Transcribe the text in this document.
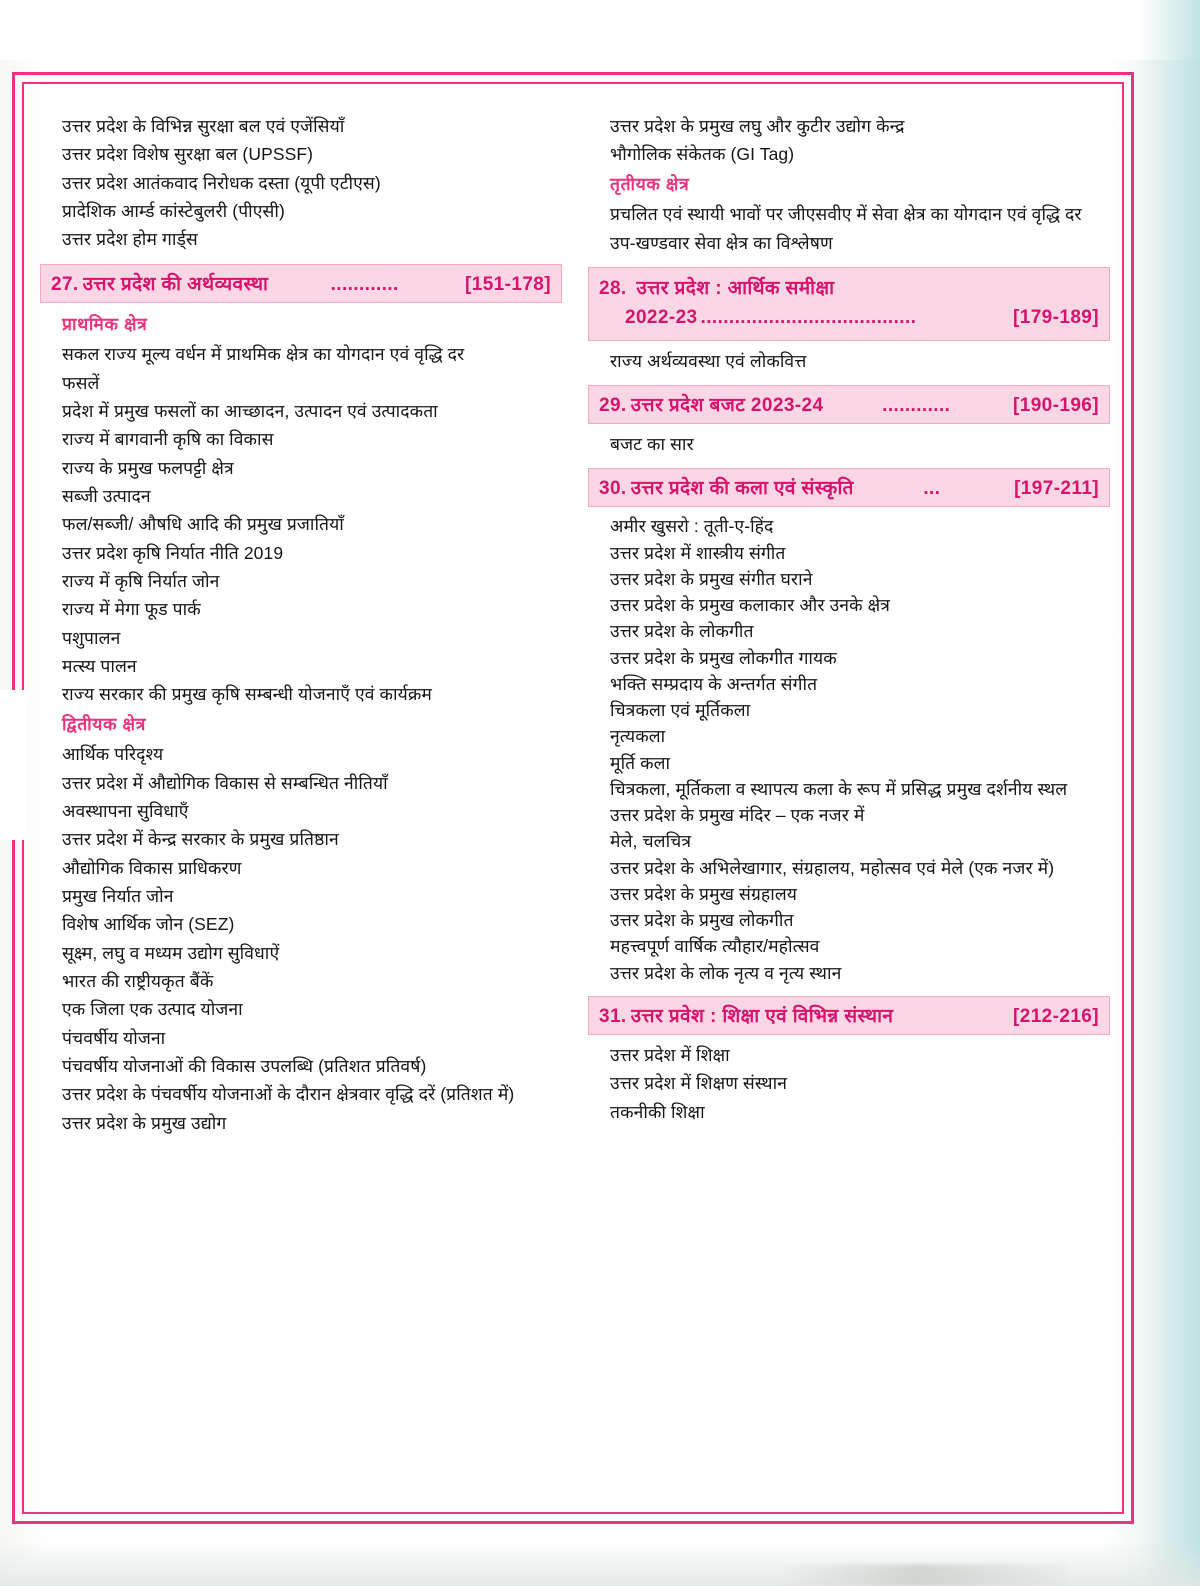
उत्तर प्रदेश के विभिन्न सुरक्षा बल एवं एजेंसियाँ
उत्तर प्रदेश विशेष सुरक्षा बल (UPSSF)
उत्तर प्रदेश आतंकवाद निरोधक दस्ता (यूपी एटीएस)
प्रादेशिक आर्म्ड कांस्टेबुलरी (पीएसी)
उत्तर प्रदेश होम गार्ड्स
27. उत्तर प्रदेश की अर्थव्यवस्था	............	[151-178]
प्राथमिक क्षेत्र
सकल राज्य मूल्य वर्धन में प्राथमिक क्षेत्र का योगदान एवं वृद्धि दर
फसलें
प्रदेश में प्रमुख फसलों का आच्छादन, उत्पादन एवं उत्पादकता
राज्य में बागवानी कृषि का विकास
राज्य के प्रमुख फलपट्टी क्षेत्र
सब्जी उत्पादन
फल/सब्जी/ औषधि आदि की प्रमुख प्रजातियाँ
उत्तर प्रदेश कृषि निर्यात नीति 2019
राज्य में कृषि निर्यात जोन
राज्य में मेगा फूड पार्क
पशुपालन
मत्स्य पालन
राज्य सरकार की प्रमुख कृषि सम्बन्धी योजनाएँ एवं कार्यक्रम
द्वितीयक क्षेत्र
आर्थिक परिदृश्य
उत्तर प्रदेश में औद्योगिक विकास से सम्बन्धित नीतियाँ
अवस्थापना सुविधाएँ
उत्तर प्रदेश में केन्द्र सरकार के प्रमुख प्रतिष्ठान
औद्योगिक विकास प्राधिकरण
प्रमुख निर्यात जोन
विशेष आर्थिक जोन (SEZ)
सूक्ष्म, लघु व मध्यम उद्योग सुविधाऐं
भारत की राष्ट्रीयकृत बैंकें
एक जिला एक उत्पाद योजना
पंचवर्षीय योजना
पंचवर्षीय योजनाओं की विकास उपलब्धि (प्रतिशत प्रतिवर्ष)
उत्तर प्रदेश के पंचवर्षीय योजनाओं के दौरान क्षेत्रवार वृद्धि दरें (प्रतिशत में)
उत्तर प्रदेश के प्रमुख उद्योग
उत्तर प्रदेश के प्रमुख लघु और कुटीर उद्योग केन्द्र
भौगोलिक संकेतक (GI Tag)
तृतीयक क्षेत्र
प्रचलित एवं स्थायी भावों पर जीएसवीए में सेवा क्षेत्र का योगदान एवं वृद्धि दर
उप-खण्डवार सेवा क्षेत्र का विश्लेषण
28. उत्तर प्रदेश : आर्थिक समीक्षा
2022-23 ......................................	[179-189]
राज्य अर्थव्यवस्था एवं लोकवित्त
29. उत्तर प्रदेश बजट 2023-24	............	[190-196]
बजट का सार
30. उत्तर प्रदेश की कला एवं संस्कृति	...	[197-211]
अमीर खुसरो : तूती-ए-हिंद
उत्तर प्रदेश में शास्त्रीय संगीत
उत्तर प्रदेश के प्रमुख संगीत घराने
उत्तर प्रदेश के प्रमुख कलाकार और उनके क्षेत्र
उत्तर प्रदेश के लोकगीत
उत्तर प्रदेश के प्रमुख लोकगीत गायक
भक्ति सम्प्रदाय के अन्तर्गत संगीत
चित्रकला एवं मूर्तिकला
नृत्यकला
मूर्ति कला
चित्रकला, मूर्तिकला व स्थापत्य कला के रूप में प्रसिद्ध प्रमुख दर्शनीय स्थल
उत्तर प्रदेश के प्रमुख मंदिर – एक नजर में
मेले, चलचित्र
उत्तर प्रदेश के अभिलेखागार, संग्रहालय, महोत्सव एवं मेले (एक नजर में)
उत्तर प्रदेश के प्रमुख संग्रहालय
उत्तर प्रदेश के प्रमुख लोकगीत
महत्त्वपूर्ण वार्षिक त्यौहार/महोत्सव
उत्तर प्रदेश के लोक नृत्य व नृत्य स्थान
31. उत्तर प्रवेश : शिक्षा एवं विभिन्न संस्थान	[212-216]
उत्तर प्रदेश में शिक्षा
उत्तर प्रदेश में शिक्षण संस्थान
तकनीकी शिक्षा
